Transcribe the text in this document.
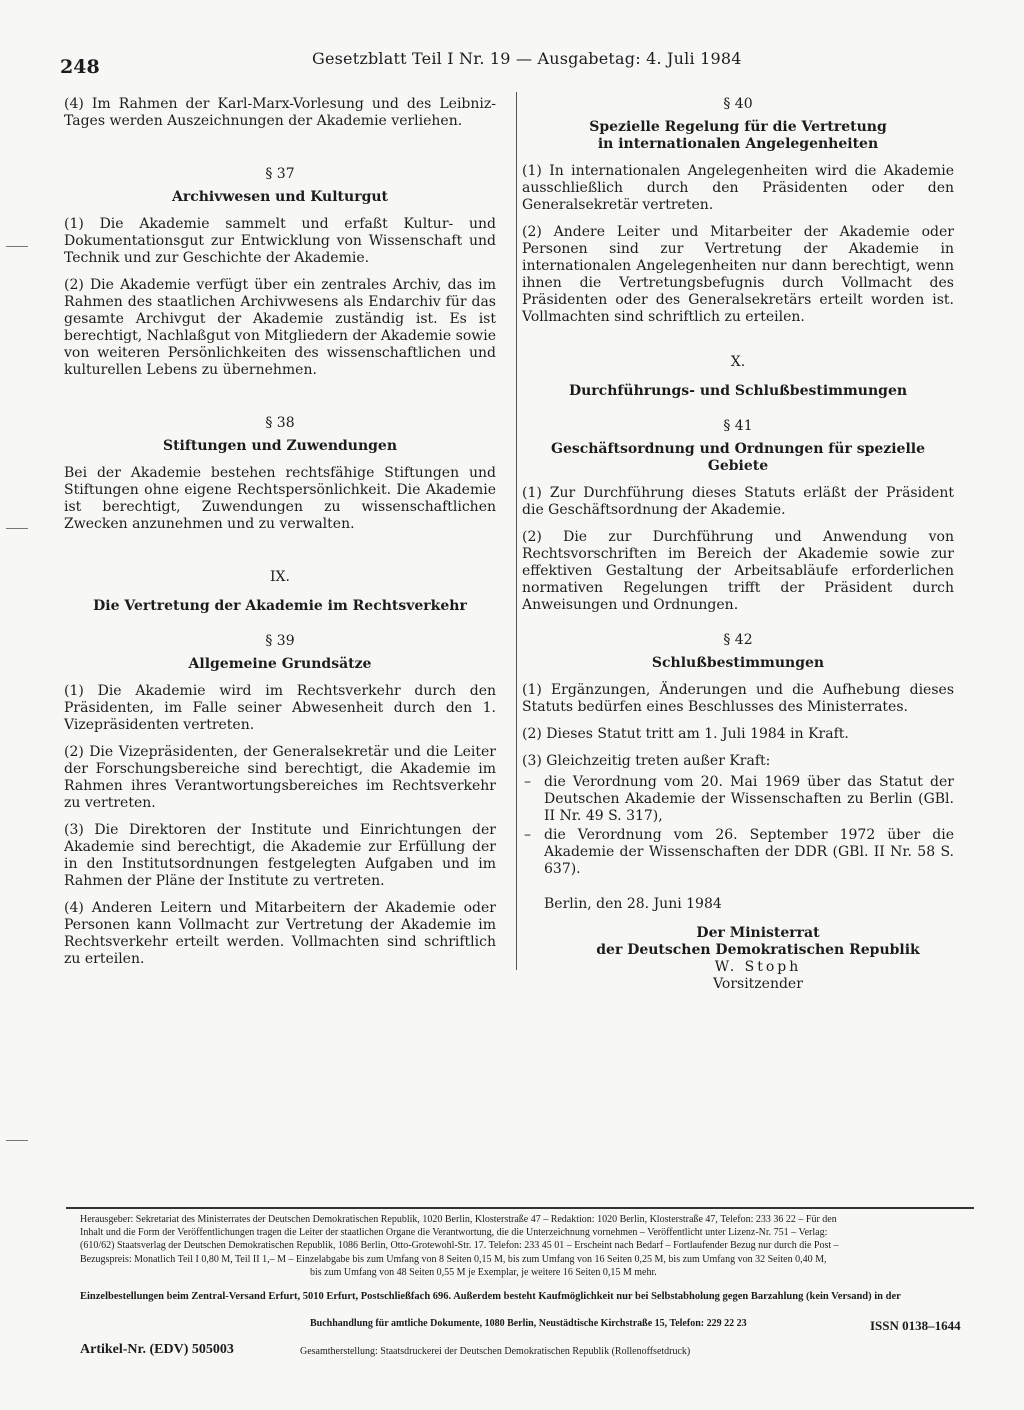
248	Gesetzblatt Teil I Nr. 19 — Ausgabetag: 4. Juli 1984

(4) Im Rahmen der Karl-Marx-Vorlesung und des Leibniz-Tages werden Auszeichnungen der Akademie verliehen.

§ 37
Archivwesen und Kulturgut

(1) Die Akademie sammelt und erfaßt Kultur- und Dokumentationsgut zur Entwicklung von Wissenschaft und Technik und zur Geschichte der Akademie.

(2) Die Akademie verfügt über ein zentrales Archiv, das im Rahmen des staatlichen Archivwesens als Endarchiv für das gesamte Archivgut der Akademie zuständig ist. Es ist berechtigt, Nachlaßgut von Mitgliedern der Akademie sowie von weiteren Persönlichkeiten des wissenschaftlichen und kulturellen Lebens zu übernehmen.

§ 38
Stiftungen und Zuwendungen

Bei der Akademie bestehen rechtsfähige Stiftungen und Stiftungen ohne eigene Rechtspersönlichkeit. Die Akademie ist berechtigt, Zuwendungen zu wissenschaftlichen Zwecken anzunehmen und zu verwalten.

IX.
Die Vertretung der Akademie im Rechtsverkehr
§ 39
Allgemeine Grundsätze

(1) Die Akademie wird im Rechtsverkehr durch den Präsidenten, im Falle seiner Abwesenheit durch den 1. Vizepräsidenten vertreten.

(2) Die Vizepräsidenten, der Generalsekretär und die Leiter der Forschungsbereiche sind berechtigt, die Akademie im Rahmen ihres Verantwortungsbereiches im Rechtsverkehr zu vertreten.

(3) Die Direktoren der Institute und Einrichtungen der Akademie sind berechtigt, die Akademie zur Erfüllung der in den Institutsordnungen festgelegten Aufgaben und im Rahmen der Pläne der Institute zu vertreten.

(4) Anderen Leitern und Mitarbeitern der Akademie oder Personen kann Vollmacht zur Vertretung der Akademie im Rechtsverkehr erteilt werden. Vollmachten sind schriftlich zu erteilen.

§ 40
Spezielle Regelung für die Vertretung
in internationalen Angelegenheiten

(1) In internationalen Angelegenheiten wird die Akademie ausschließlich durch den Präsidenten oder den Generalsekretär vertreten.

(2) Andere Leiter und Mitarbeiter der Akademie oder Personen sind zur Vertretung der Akademie in internationalen Angelegenheiten nur dann berechtigt, wenn ihnen die Vertretungsbefugnis durch Vollmacht des Präsidenten oder des Generalsekretärs erteilt worden ist. Vollmachten sind schriftlich zu erteilen.

X.
Durchführungs- und Schlußbestimmungen
§ 41
Geschäftsordnung und Ordnungen für spezielle Gebiete

(1) Zur Durchführung dieses Statuts erläßt der Präsident die Geschäftsordnung der Akademie.

(2) Die zur Durchführung und Anwendung von Rechtsvorschriften im Bereich der Akademie sowie zur effektiven Gestaltung der Arbeitsabläufe erforderlichen normativen Regelungen trifft der Präsident durch Anweisungen und Ordnungen.

§ 42
Schlußbestimmungen

(1) Ergänzungen, Änderungen und die Aufhebung dieses Statuts bedürfen eines Beschlusses des Ministerrates.

(2) Dieses Statut tritt am 1. Juli 1984 in Kraft.

(3) Gleichzeitig treten außer Kraft:

– die Verordnung vom 20. Mai 1969 über das Statut der Deutschen Akademie der Wissenschaften zu Berlin (GBl. II Nr. 49 S. 317),
– die Verordnung vom 26. September 1972 über die Akademie der Wissenschaften der DDR (GBl. II Nr. 58 S. 637).
Berlin, den 28. Juni 1984
Der Ministerrat
der Deutschen Demokratischen Republik
W. Stoph
Vorsitzender
Herausgeber: Sekretariat des Ministerrates der Deutschen Demokratischen Republik, 1020 Berlin, Klosterstraße 47 – Redaktion: 1020 Berlin, Klosterstraße 47, Telefon: 233 36 22 – Für den
Inhalt und die Form der Veröffentlichungen tragen die Leiter der staatlichen Organe die Verantwortung, die die Unterzeichnung vornehmen – Veröffentlicht unter Lizenz-Nr. 751 – Verlag:
(610/62) Staatsverlag der Deutschen Demokratischen Republik, 1086 Berlin, Otto-Grotewohl-Str. 17. Telefon: 233 45 01 – Erscheint nach Bedarf – Fortlaufender Bezug nur durch die Post –
Bezugspreis: Monatlich Teil I 0,80 M, Teil II 1,– M – Einzelabgabe bis zum Umfang von 8 Seiten 0,15 M, bis zum Umfang von 16 Seiten 0,25 M, bis zum Umfang von 32 Seiten 0,40 M,
bis zum Umfang von 48 Seiten 0,55 M je Exemplar, je weitere 16 Seiten 0,15 M mehr.
Einzelbestellungen beim Zentral-Versand Erfurt, 5010 Erfurt, Postschließfach 696. Außerdem besteht Kaufmöglichkeit nur bei Selbstabholung gegen Barzahlung (kein Versand) in der
Buchhandlung für amtliche Dokumente, 1080 Berlin, Neustädtische Kirchstraße 15, Telefon: 229 22 23	ISSN 0138–1644
Artikel-Nr. (EDV) 505003	Gesamtherstellung: Staatsdruckerei der Deutschen Demokratischen Republik (Rollenoffsetdruck)
